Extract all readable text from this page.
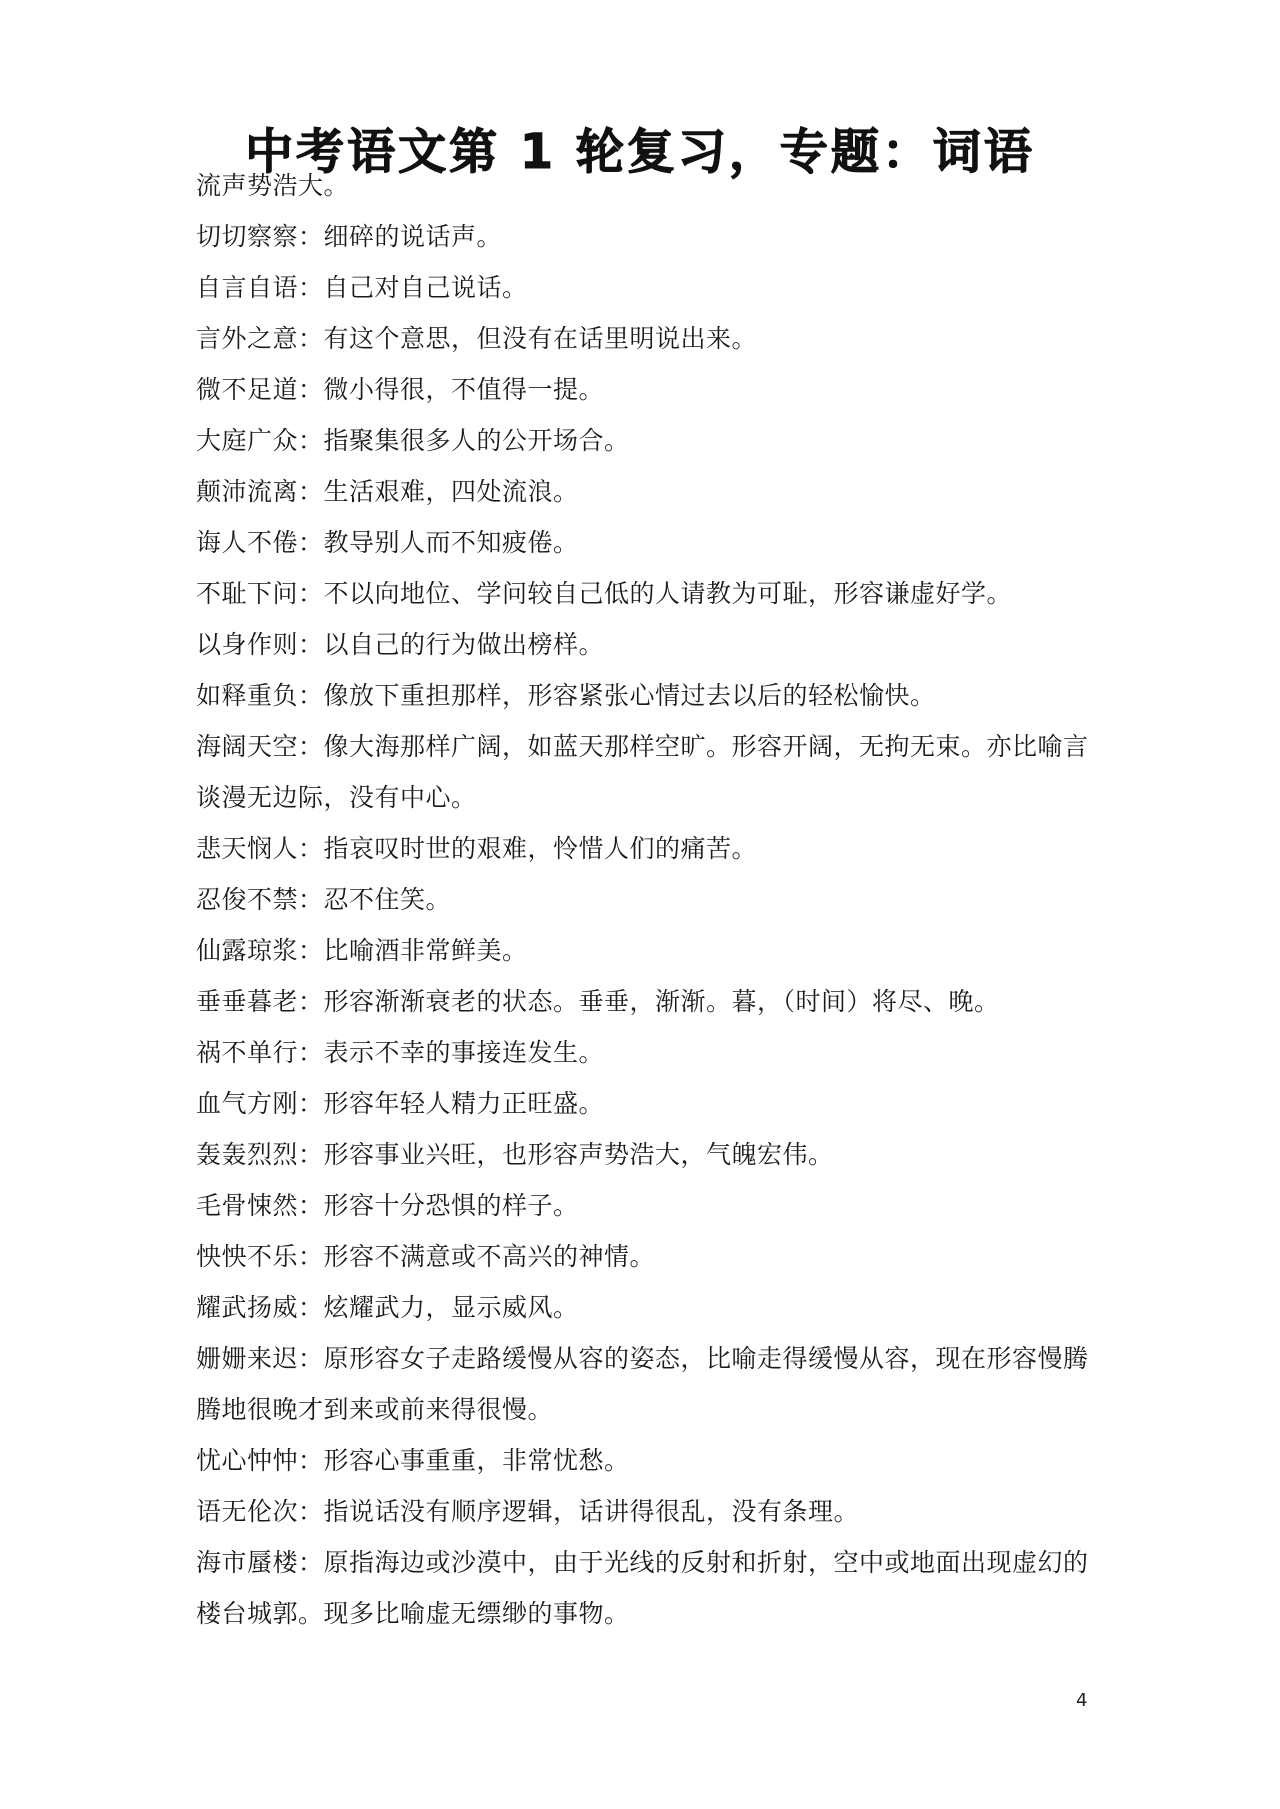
中考语文第 1 轮复习，专题：词语
流声势浩大。
切切察察：细碎的说话声。
自言自语：自己对自己说话。
言外之意：有这个意思，但没有在话里明说出来。
微不足道：微小得很，不值得一提。
大庭广众：指聚集很多人的公开场合。
颠沛流离：生活艰难，四处流浪。
诲人不倦：教导别人而不知疲倦。
不耻下问：不以向地位、学问较自己低的人请教为可耻，形容谦虚好学。
以身作则：以自己的行为做出榜样。
如释重负：像放下重担那样，形容紧张心情过去以后的轻松愉快。
海阔天空：像大海那样广阔，如蓝天那样空旷。形容开阔，无拘无束。亦比喻言
谈漫无边际，没有中心。
悲天悯人：指哀叹时世的艰难，怜惜人们的痛苦。
忍俊不禁：忍不住笑。
仙露琼浆：比喻酒非常鲜美。
垂垂暮老：形容渐渐衰老的状态。垂垂，渐渐。暮，（时间）将尽、晚。
祸不单行：表示不幸的事接连发生。
血气方刚：形容年轻人精力正旺盛。
轰轰烈烈：形容事业兴旺，也形容声势浩大，气魄宏伟。
毛骨悚然：形容十分恐惧的样子。
怏怏不乐：形容不满意或不高兴的神情。
耀武扬威：炫耀武力，显示威风。
姗姗来迟：原形容女子走路缓慢从容的姿态，比喻走得缓慢从容，现在形容慢腾
腾地很晚才到来或前来得很慢。
忧心忡忡：形容心事重重，非常忧愁。
语无伦次：指说话没有顺序逻辑，话讲得很乱，没有条理。
海市蜃楼：原指海边或沙漠中，由于光线的反射和折射，空中或地面出现虚幻的
楼台城郭。现多比喻虚无缥缈的事物。
4
